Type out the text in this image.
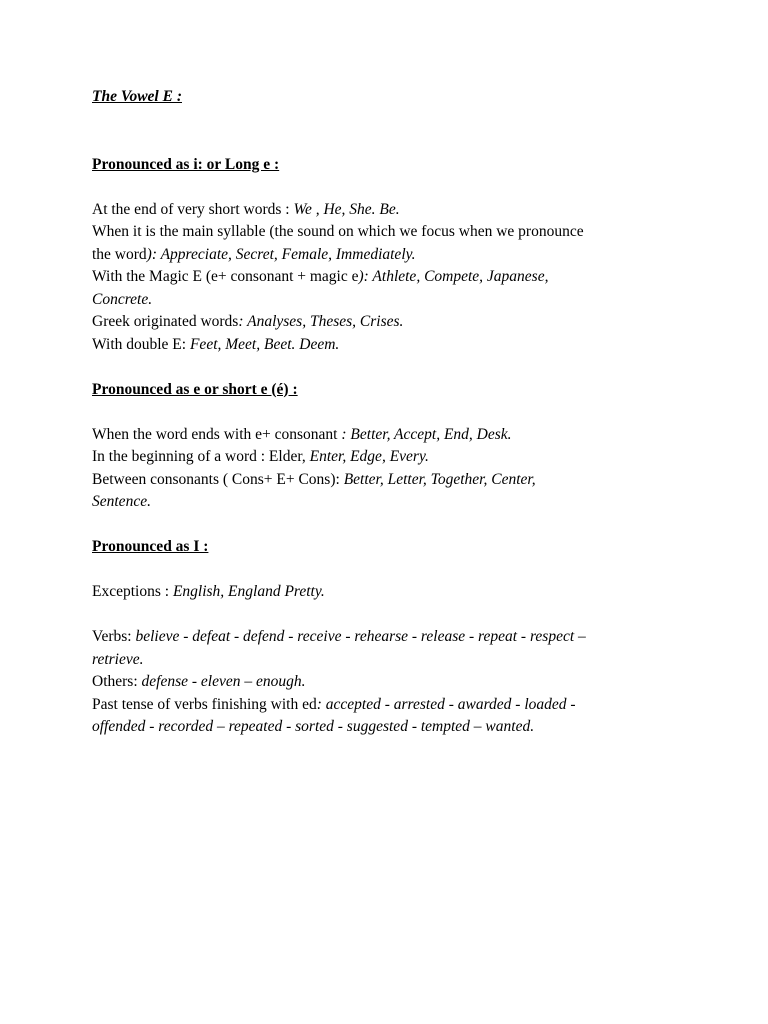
The Vowel E :
Pronounced as i: or Long e :
At the end of very short words : We , He, She. Be.
When it is the main syllable (the sound on which we focus when we pronounce
the word): Appreciate, Secret, Female, Immediately.
With the Magic E (e+ consonant + magic e): Athlete, Compete, Japanese,
Concrete.
Greek originated words: Analyses, Theses, Crises.
With double E: Feet, Meet, Beet. Deem.
Pronounced as e or short e (é) :
When the word ends with e+ consonant : Better, Accept, End, Desk.
In the beginning of a word : Elder, Enter, Edge, Every.
Between consonants ( Cons+ E+ Cons): Better, Letter, Together, Center,
Sentence.
Pronounced as I :
Exceptions : English, England Pretty.
Verbs: believe - defeat - defend - receive - rehearse - release - repeat - respect –
retrieve.
Others: defense - eleven – enough.
Past tense of verbs finishing with ed: accepted - arrested - awarded - loaded -
offended - recorded – repeated - sorted - suggested - tempted – wanted.
